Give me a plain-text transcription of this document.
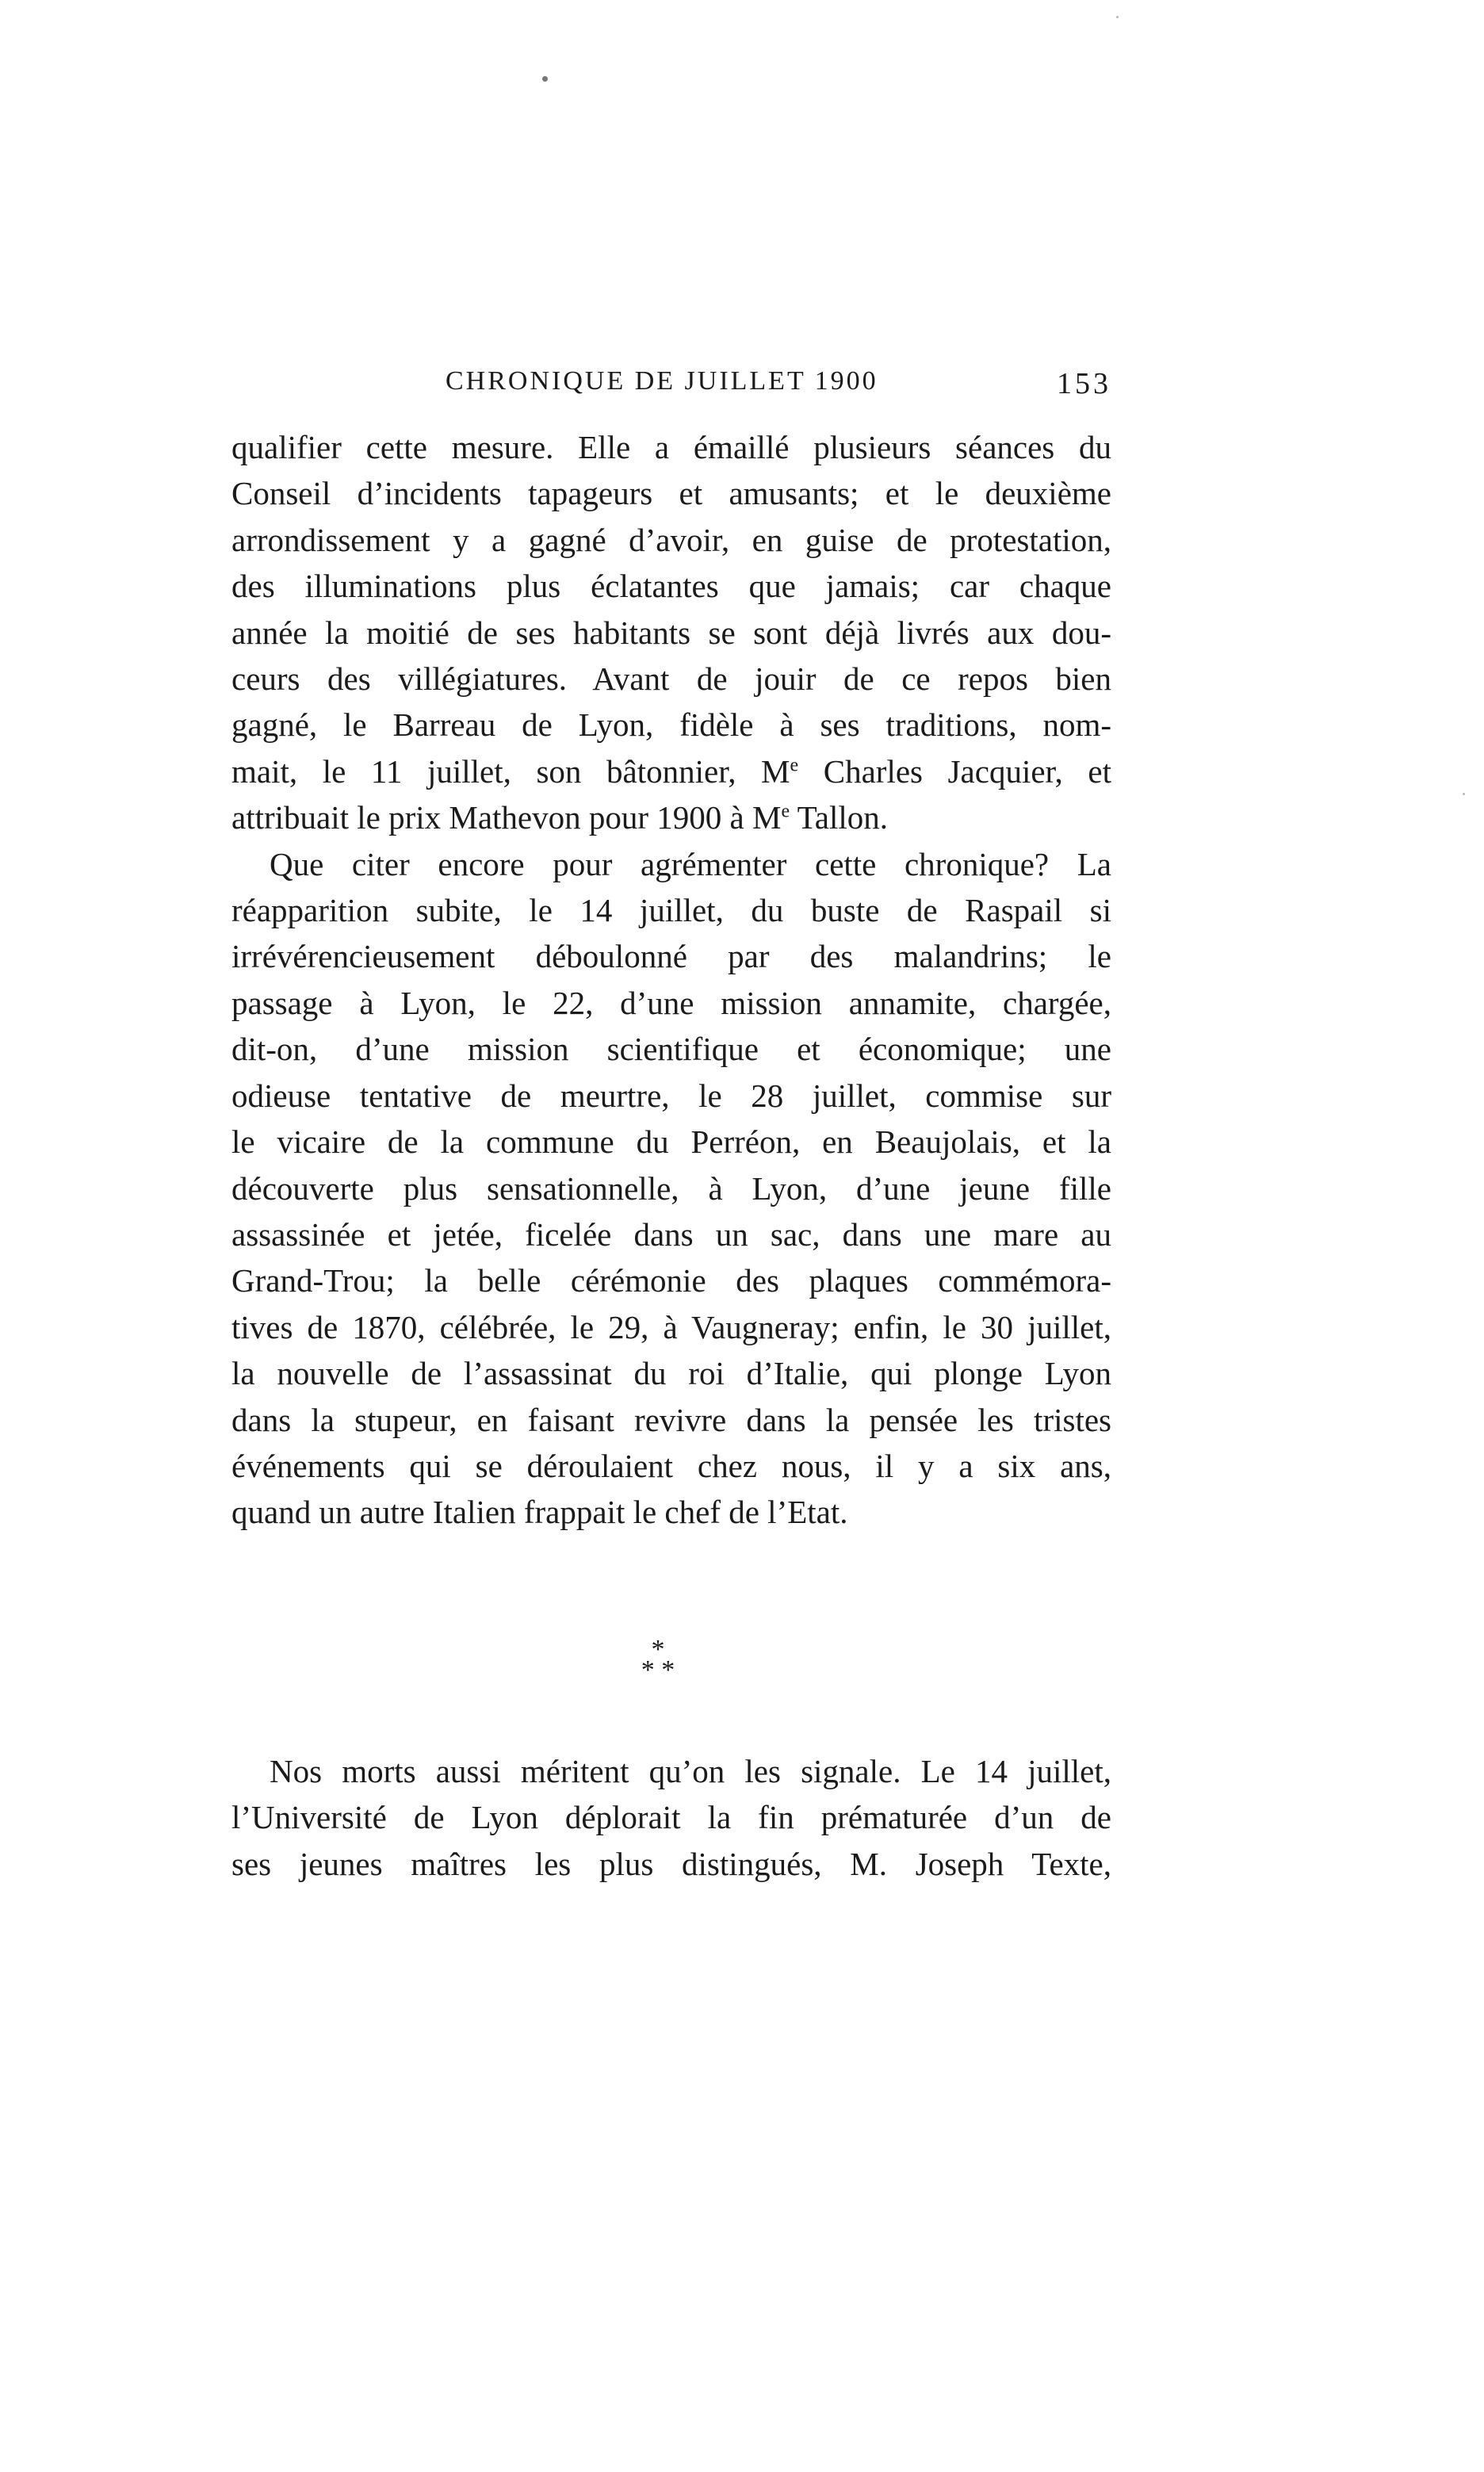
CHRONIQUE DE JUILLET 1900	153
qualifier cette mesure. Elle a émaillé plusieurs séances du
Conseil d’incidents tapageurs et amusants; et le deuxième
arrondissement y a gagné d’avoir, en guise de protestation,
des illuminations plus éclatantes que jamais; car chaque
année la moitié de ses habitants se sont déjà livrés aux dou-
ceurs des villégiatures. Avant de jouir de ce repos bien
gagné, le Barreau de Lyon, fidèle à ses traditions, nom-
mait, le 11 juillet, son bâtonnier, Me Charles Jacquier, et
attribuait le prix Mathevon pour 1900 à Me Tallon.
Que citer encore pour agrémenter cette chronique? La
réapparition subite, le 14 juillet, du buste de Raspail si
irrévérencieusement déboulonné par des malandrins; le
passage à Lyon, le 22, d’une mission annamite, chargée,
dit-on, d’une mission scientifique et économique; une
odieuse tentative de meurtre, le 28 juillet, commise sur
le vicaire de la commune du Perréon, en Beaujolais, et la
découverte plus sensationnelle, à Lyon, d’une jeune fille
assassinée et jetée, ficelée dans un sac, dans une mare au
Grand-Trou; la belle cérémonie des plaques commémora-
tives de 1870, célébrée, le 29, à Vaugneray; enfin, le 30 juillet,
la nouvelle de l’assassinat du roi d’Italie, qui plonge Lyon
dans la stupeur, en faisant revivre dans la pensée les tristes
événements qui se déroulaient chez nous, il y a six ans,
quand un autre Italien frappait le chef de l’Etat.
*
* *
Nos morts aussi méritent qu’on les signale. Le 14 juillet,
l’Université de Lyon déplorait la fin prématurée d’un de
ses jeunes maîtres les plus distingués, M. Joseph Texte,
